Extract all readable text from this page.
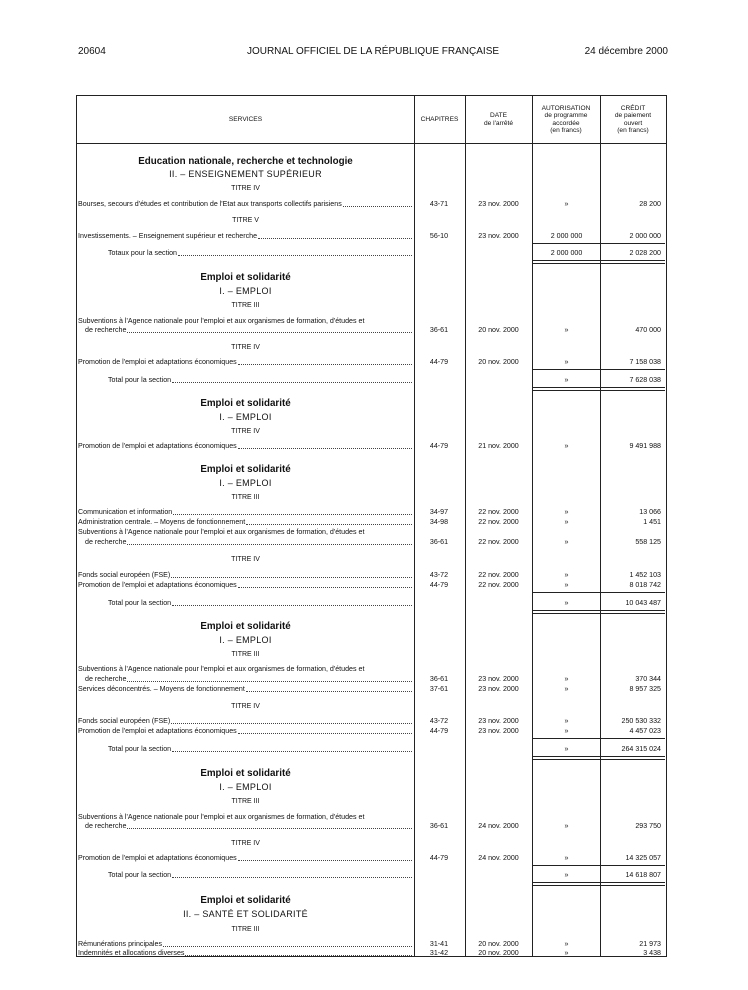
20604	JOURNAL OFFICIEL DE LA RÉPUBLIQUE FRANÇAISE	24 décembre 2000
SERVICES	CHAPITRES
DATE
de l'arrêté
AUTORISATION
de programme
accordée
(en francs)
CRÉDIT
de paiement
ouvert
(en francs)
Education nationale, recherche et technologie
II. – ENSEIGNEMENT SUPÉRIEUR
TITRE IV
Bourses, secours d'études et contribution de l'Etat aux transports collectifs parisiens	43-71	23 nov. 2000	»	28 200
TITRE V
Investissements. – Enseignement supérieur et recherche	56-10	23 nov. 2000	2 000 000	2 000 000
Totaux pour la section	2 000 000	2 028 200
Emploi et solidarité
I. – EMPLOI
TITRE III
Subventions à l'Agence nationale pour l'emploi et aux organismes de formation, d'études et
de recherche	36-61	20 nov. 2000	»	470 000
TITRE IV
Promotion de l'emploi et adaptations économiques	44-79	20 nov. 2000	»	7 158 038
Total pour la section	»	7 628 038
Emploi et solidarité
I. – EMPLOI
TITRE IV
Promotion de l'emploi et adaptations économiques	44-79	21 nov. 2000	»	9 491 988
Emploi et solidarité
I. – EMPLOI
TITRE III
Communication et information	34-97	22 nov. 2000	»	13 066
Administration centrale. – Moyens de fonctionnement	34-98	22 nov. 2000	»	1 451
Subventions à l'Agence nationale pour l'emploi et aux organismes de formation, d'études et
de recherche	36-61	22 nov. 2000	»	558 125
TITRE IV
Fonds social européen (FSE)	43-72	22 nov. 2000	»	1 452 103
Promotion de l'emploi et adaptations économiques	44-79	22 nov. 2000	»	8 018 742
Total pour la section	»	10 043 487
Emploi et solidarité
I. – EMPLOI
TITRE III
Subventions à l'Agence nationale pour l'emploi et aux organismes de formation, d'études et
de recherche	36-61	23 nov. 2000	»	370 344
Services déconcentrés. – Moyens de fonctionnement	37-61	23 nov. 2000	»	8 957 325
TITRE IV
Fonds social européen (FSE)	43-72	23 nov. 2000	»	250 530 332
Promotion de l'emploi et adaptations économiques	44-79	23 nov. 2000	»	4 457 023
Total pour la section	»	264 315 024
Emploi et solidarité
I. – EMPLOI
TITRE III
Subventions à l'Agence nationale pour l'emploi et aux organismes de formation, d'études et
de recherche	36-61	24 nov. 2000	»	293 750
TITRE IV
Promotion de l'emploi et adaptations économiques	44-79	24 nov. 2000	»	14 325 057
Total pour la section	»	14 618 807
Emploi et solidarité
II. – SANTÉ ET SOLIDARITÉ
TITRE III
Rémunérations principales	31-41	20 nov. 2000	»	21 973
Indemnités et allocations diverses	31-42	20 nov. 2000	»	3 438
